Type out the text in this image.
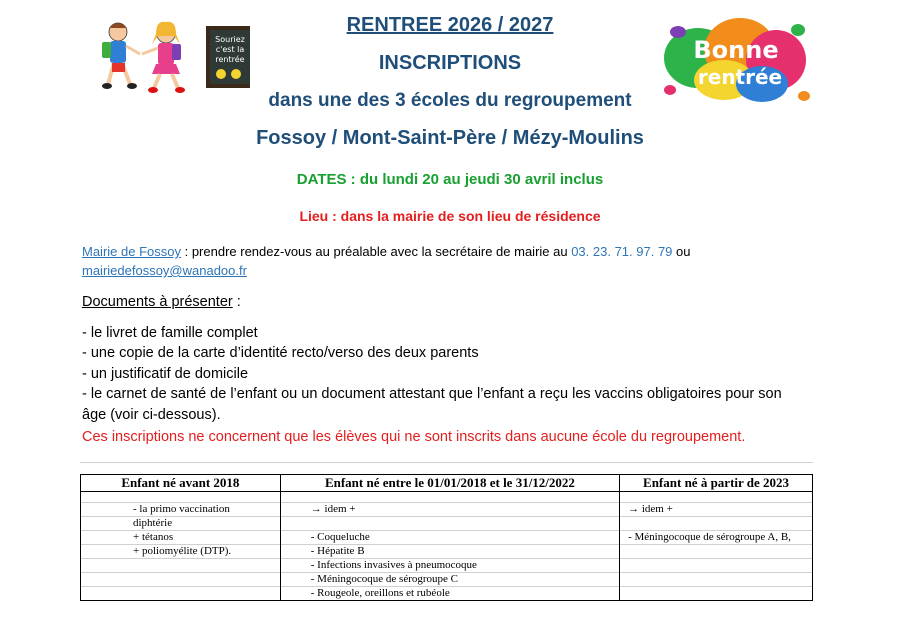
Souriez
c'est la
rentrée	Bonne
rentrée
RENTREE 2026 / 2027
INSCRIPTIONS
dans une des 3 écoles du regroupement
Fossoy / Mont-Saint-Père / Mézy-Moulins
DATES : du lundi 20 au jeudi 30 avril inclus
Lieu : dans la mairie de son lieu de résidence
Mairie de Fossoy : prendre rendez-vous au préalable avec la secrétaire de mairie au 03. 23. 71. 97. 79 ou
mairiedefossoy@wanadoo.fr
Documents à présenter :
- le livret de famille complet
- une copie de la carte d’identité recto/verso des deux parents
- un justificatif de domicile
- le carnet de santé de l’enfant ou un document attestant que l’enfant a reçu les vaccins obligatoires pour son
âge (voir ci-dessous).
Ces inscriptions ne concernent que les élèves qui ne sont inscrits dans aucune école du regroupement.
Enfant né avant 2018	Enfant né entre le 01/01/2018 et le 31/12/2022	Enfant né à partir de 2023

- la primo vaccination	→ idem +	→ idem +
diphtérie		
+ tétanos	- Coqueluche	- Méningocoque de sérogroupe A, B,
+ poliomyélite (DTP).	- Hépatite B	
	- Infections invasives à pneumocoque	
	- Méningocoque de sérogroupe C	
	- Rougeole, oreillons et rubéole	
